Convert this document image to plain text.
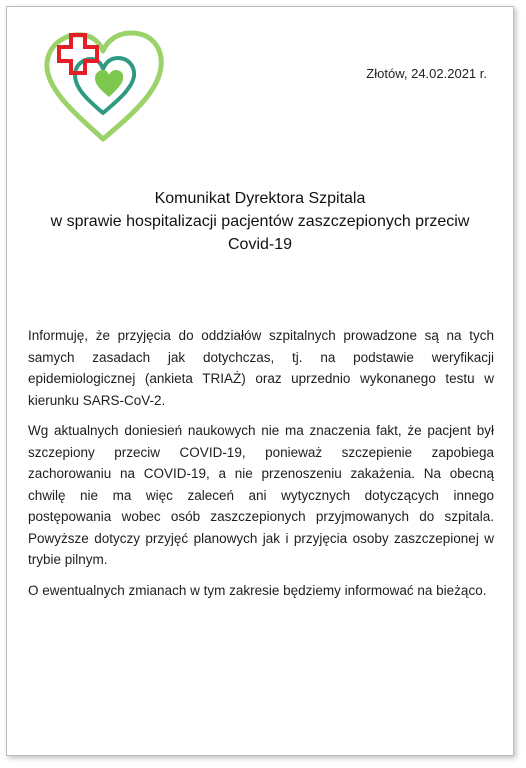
Złotów, 24.02.2021 r.
Komunikat Dyrektora Szpitala
w sprawie hospitalizacji pacjentów zaszczepionych przeciw
Covid-19

Informuję, że przyjęcia do oddziałów szpitalnych prowadzone są na tych samych zasadach jak dotychczas, tj. na podstawie weryfikacji epidemiologicznej (ankieta TRIAŻ) oraz uprzednio wykonanego testu w kierunku SARS-CoV-2.

Wg aktualnych doniesień naukowych nie ma znaczenia fakt, że pacjent był szczepiony przeciw COVID-19, ponieważ szczepienie zapobiega zachorowaniu na COVID-19, a nie przenoszeniu zakażenia. Na obecną chwilę nie ma więc zaleceń ani wytycznych dotyczących innego postępowania wobec osób zaszczepionych przyjmowanych do szpitala. Powyższe dotyczy przyjęć planowych jak i przyjęcia osoby zaszczepionej w trybie pilnym.

O ewentualnych zmianach w tym zakresie będziemy informować na bieżąco.
